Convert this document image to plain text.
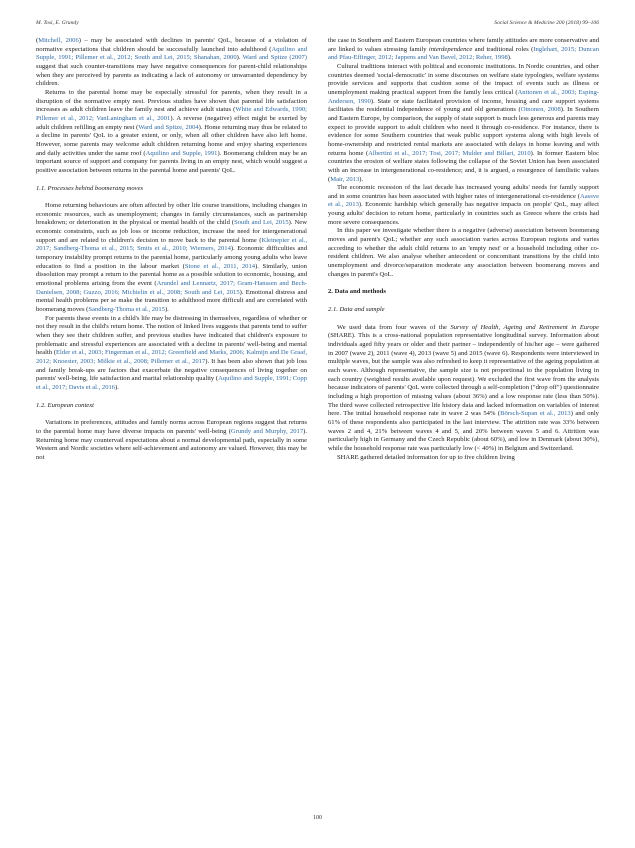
M. Tosi, E. Grundy	Social Science & Medicine 200 (2018) 99–106

(Mitchell, 2006) – may be associated with declines in parents' QoL, because of a violation of normative expectations that children should be successfully launched into adulthood (Aquilino and Supple, 1991; Pillemer et al., 2012; South and Lei, 2015; Shanahan, 2000). Ward and Spitze (2007) suggest that such counter-transitions may have negative consequences for parent-child relationships when they are perceived by parents as indicating a lack of autonomy or unwarranted dependency by children.

Returns to the parental home may be especially stressful for parents, when they result in a disruption of the normative empty nest. Previous studies have shown that parental life satisfaction increases as adult children leave the family nest and achieve adult status (White and Edwards, 1990; Pillemer et al., 2012; VanLaningham et al., 2001). A reverse (negative) effect might be exerted by adult children refilling an empty nest (Ward and Spitze, 2004). Home returning may thus be related to a decline in parents' QoL to a greater extent, or only, when all other children have also left home. However, some parents may welcome adult children returning home and enjoy sharing experiences and daily activities under the same roof (Aquilino and Supple, 1991). Boomerang children may be an important source of support and company for parents living in an empty nest, which would suggest a positive association between returns in the parental home and parents' QoL.

1.1. Processes behind boomerang moves

Home returning behaviours are often affected by other life course transitions, including changes in economic resources, such as unemployment; changes in family circumstances, such as partnership breakdown; or deterioration in the physical or mental health of the child (South and Lei, 2015). New economic constraints, such as job loss or income reduction, increase the need for intergenerational support and are related to children's decision to move back to the parental home (Kleinepier et al., 2017; Sandberg-Thoma et al., 2015; Smits et al., 2010; Wiemers, 2014). Economic difficulties and temporary instability prompt returns to the parental home, particularly among young adults who leave education to find a position in the labour market (Stone et al., 2011, 2014). Similarly, union dissolution may prompt a return to the parental home as a possible solution to economic, housing, and emotional problems arising from the event (Arundel and Lennartz, 2017; Gram-Hanssen and Bech-Danielsen, 2008; Guzzo, 2016; Michielin et al., 2008; South and Lei, 2015). Emotional distress and mental health problems per se make the transition to adulthood more difficult and are correlated with boomerang moves (Sandberg-Thoma et al., 2015).

For parents these events in a child's life may be distressing in themselves, regardless of whether or not they result in the child's return home. The notion of linked lives suggests that parents tend to suffer when they see their children suffer, and previous studies have indicated that children's exposure to problematic and stressful experiences are associated with a decline in parents' well-being and mental health (Elder et al., 2003; Fingerman et al., 2012; Greenfield and Marks, 2006; Kalmijn and De Graaf, 2012; Knoester, 2003; Milkie et al., 2008; Pillemer et al., 2017). It has been also shown that job loss and family break-ups are factors that exacerbate the negative consequences of living together on parents' well-being, life satisfaction and marital relationship quality (Aquilino and Supple, 1991; Copp et al., 2017; Davis et al., 2016).

1.2. European context

Variations in preferences, attitudes and family norms across European regions suggest that returns to the parental home may have diverse impacts on parents' well-being (Grundy and Murphy, 2017). Returning home may countervail expectations about a normal developmental path, especially in some Western and Nordic societies where self-achievement and autonomy are valued. However, this may be not

the case in Southern and Eastern European countries where family attitudes are more conservative and are linked to values stressing family interdependence and traditional roles (Inglehart, 2015; Duncan and Pfau-Effinger, 2012; Jappens and Van Bavel, 2012; Reher, 1998).

Cultural traditions interact with political and economic institutions. In Nordic countries, and other countries deemed 'social-democratic' in some discourses on welfare state typologies, welfare systems provide services and supports that cushion some of the impact of events such as illness or unemployment making practical support from the family less critical (Anttonen et al., 2003; Esping-Andersen, 1990). State or state facilitated provision of income, housing and care support systems facilitates the residential independence of young and old generations (Oinonen, 2008). In Southern and Eastern Europe, by comparison, the supply of state support is much less generous and parents may expect to provide support to adult children who need it through co-residence. For instance, there is evidence for some Southern countries that weak public support systems along with high levels of home-ownership and restricted rental markets are associated with delays in home leaving and with returns home (Albertini et al., 2017; Tosi, 2017; Mulder and Billari, 2010). In former Eastern bloc countries the erosion of welfare states following the collapse of the Soviet Union has been associated with an increase in intergenerational co-residence; and, it is argued, a resurgence of familistic values (Mair, 2013).

The economic recession of the last decade has increased young adults' needs for family support and in some countries has been associated with higher rates of intergenerational co-residence (Aassve et al., 2013). Economic hardship which generally has negative impacts on people' QoL, may affect young adults' decision to return home, particularly in countries such as Greece where the crisis had more severe consequences.

In this paper we investigate whether there is a negative (adverse) association between boomerang moves and parent's QoL; whether any such association varies across European regions and varies according to whether the adult child returns to an 'empty nest' or a household including other co-resident children. We also analyse whether antecedent or concomitant transitions by the child into unemployment and divorce/separation moderate any association between boomerang moves and changes in parent's QoL.

2. Data and methods
2.1. Data and sample

We used data from four waves of the Survey of Health, Ageing and Retirement in Europe (SHARE). This is a cross-national population representative longitudinal survey. Information about individuals aged fifty years or older and their partner – independently of his/her age – were gathered in 2007 (wave 2), 2011 (wave 4), 2013 (wave 5) and 2015 (wave 6). Respondents were interviewed in multiple waves, but the sample was also refreshed to keep it representative of the ageing population at each wave. Although representative, the sample size is not proportional to the population living in each country (weighted results available upon request). We excluded the first wave from the analysis because indicators of parents' QoL were collected through a self-completion ("drop off") questionnaire including a high proportion of missing values (about 36%) and a low response rate (less than 50%). The third wave collected retrospective life history data and lacked information on variables of interest here. The initial household response rate in wave 2 was 54% (Börsch-Supan et al., 2013) and only 61% of these respondents also participated in the last interview. The attrition rate was 33% between waves 2 and 4, 21% between waves 4 and 5, and 20% between waves 5 and 6. Attrition was particularly high in Germany and the Czech Republic (about 60%), and low in Denmark (about 30%), while the household response rate was particularly low (< 40%) in Belgium and Switzerland.

SHARE gathered detailed information for up to five children living

100
